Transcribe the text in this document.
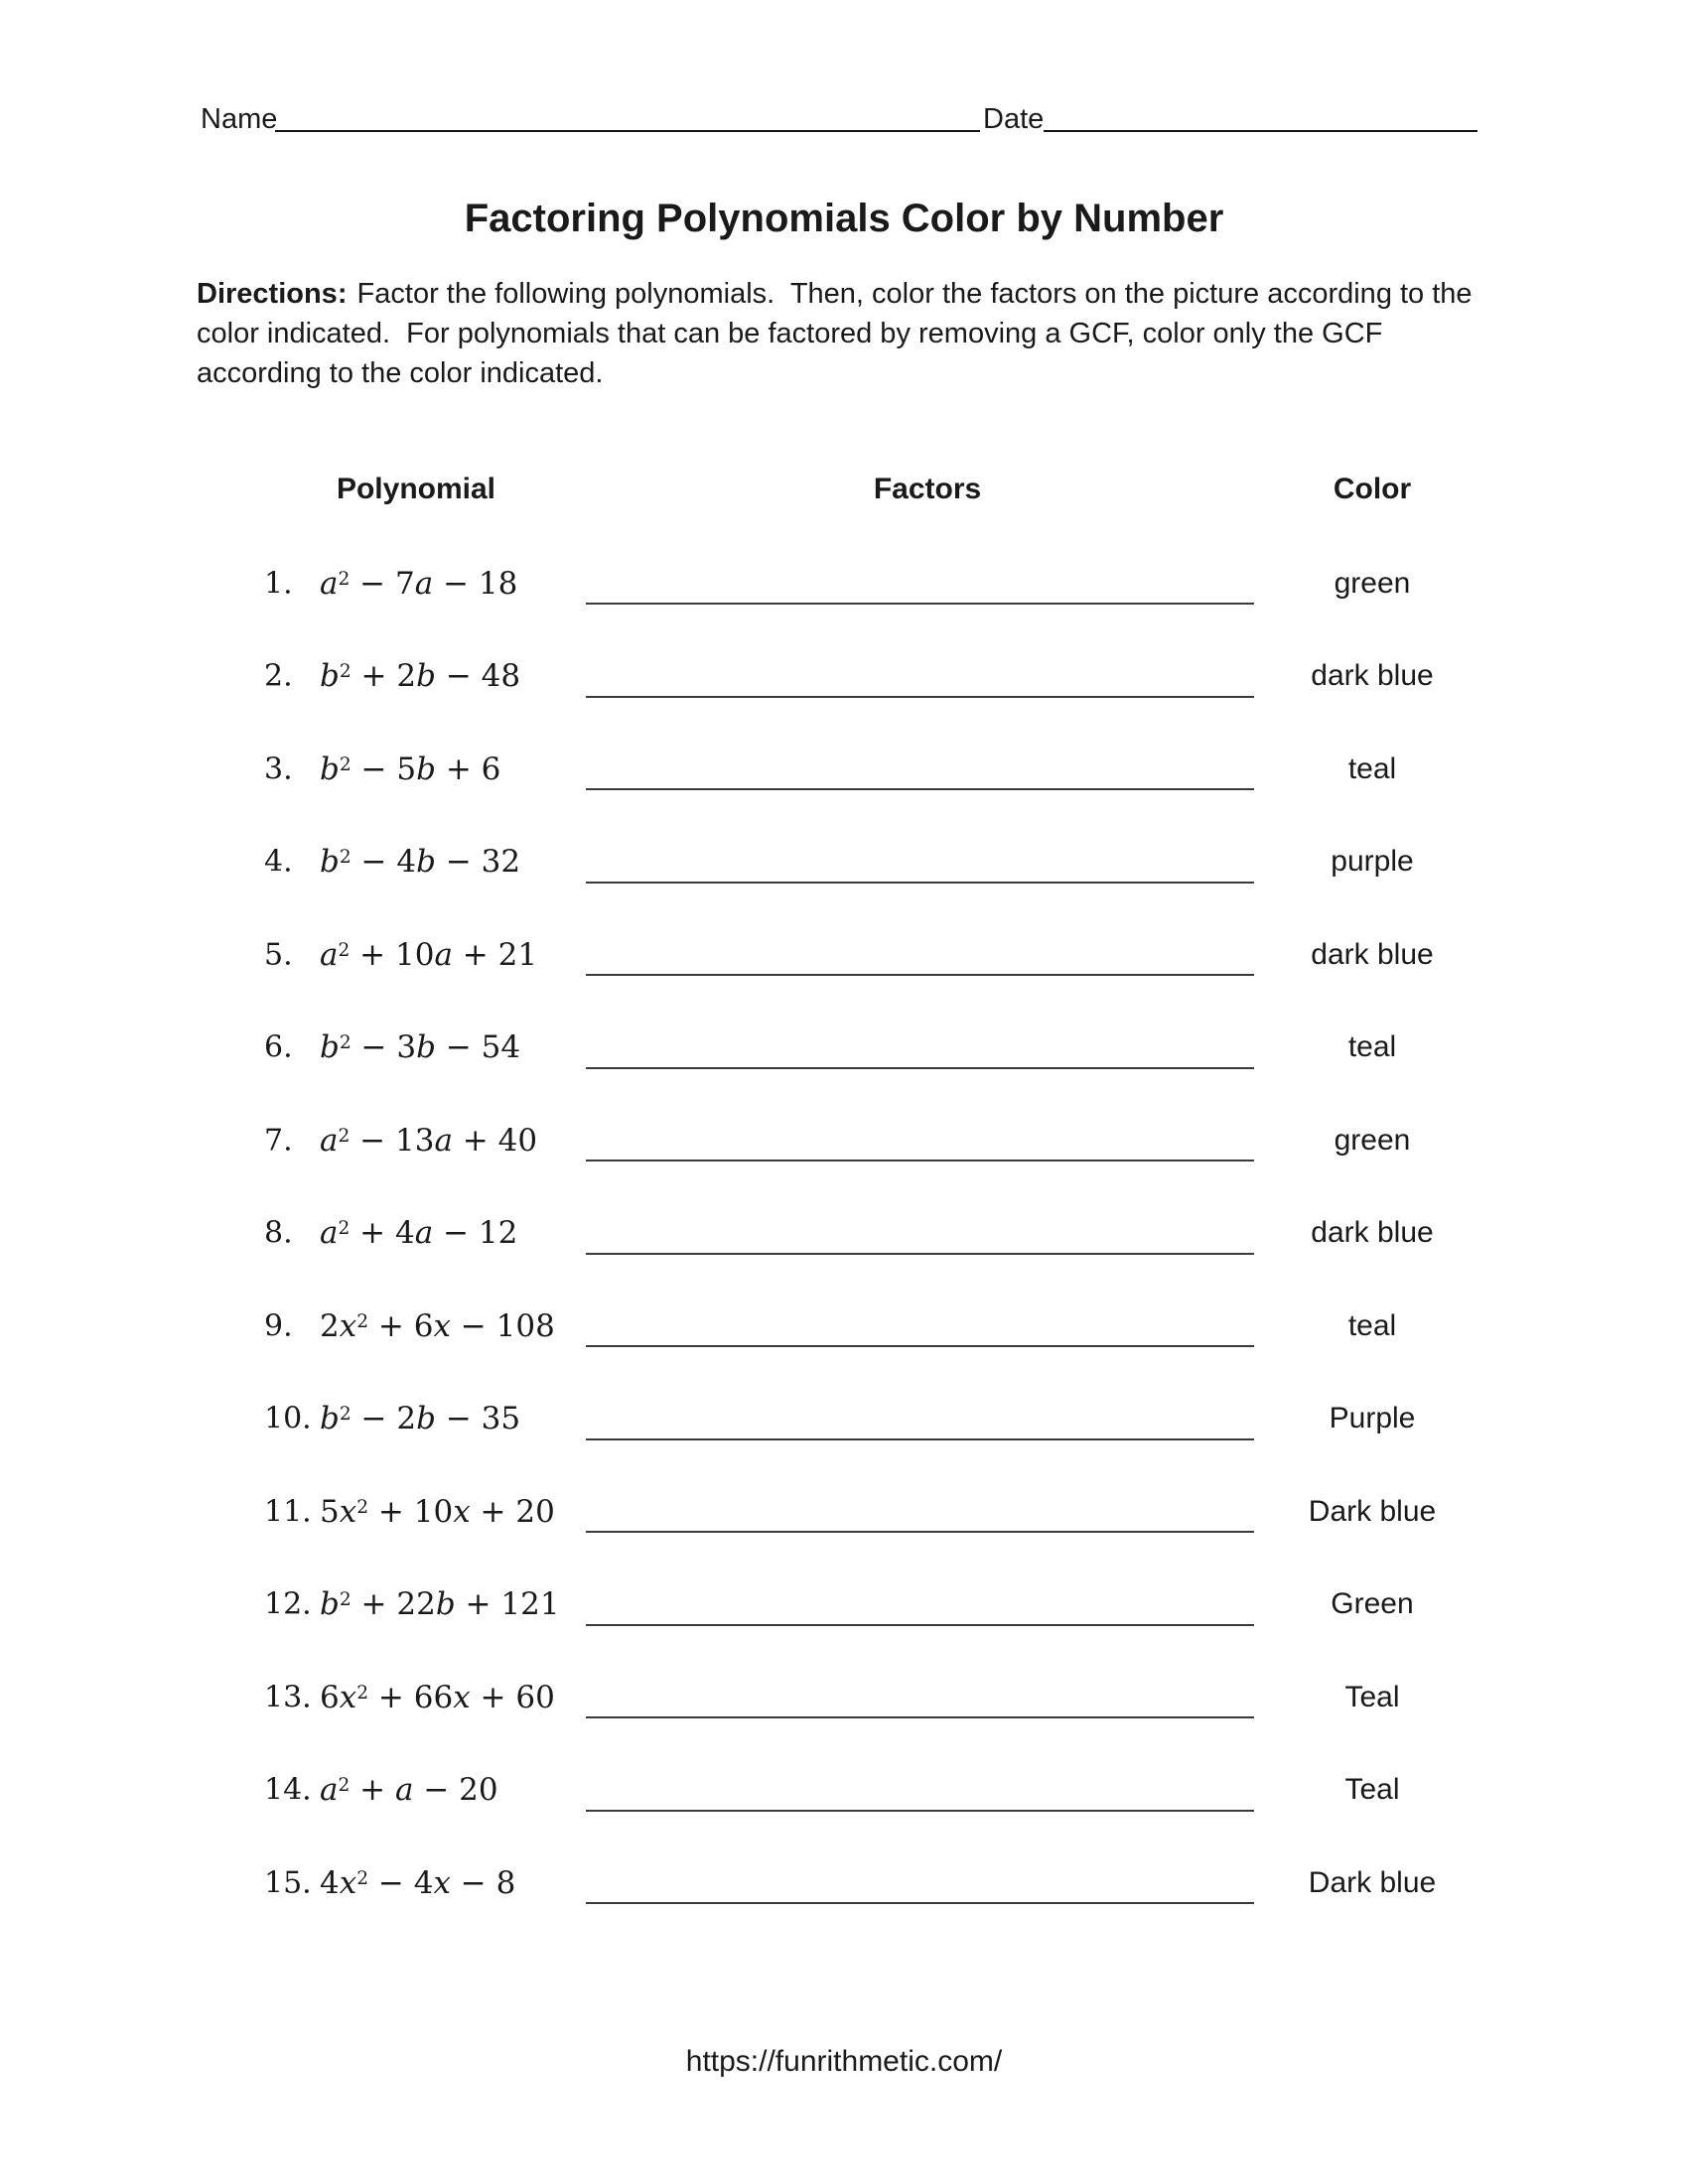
Name	Date
Factoring Polynomials Color by Number

Directions: Factor the following polynomials.  Then, color the factors on the picture according to the color indicated.  For polynomials that can be factored by removing a GCF, color only the GCF according to the color indicated.

Polynomial	Factors	Color
1. $a^2 - 7a - 18$	green
2. $b^2 + 2b - 48$	dark blue
3. $b^2 - 5b + 6$	teal
4. $b^2 - 4b - 32$	purple
5. $a^2 + 10a + 21$	dark blue
6. $b^2 - 3b - 54$	teal
7. $a^2 - 13a + 40$	green
8. $a^2 + 4a - 12$	dark blue
9. $2x^2 + 6x - 108$	teal
10. $b^2 - 2b - 35$	Purple
11. $5x^2 + 10x + 20$	Dark blue
12. $b^2 + 22b + 121$	Green
13. $6x^2 + 66x + 60$	Teal
14. $a^2 + a - 20$	Teal
15. $4x^2 - 4x - 8$	Dark blue
https://funrithmetic.com/
